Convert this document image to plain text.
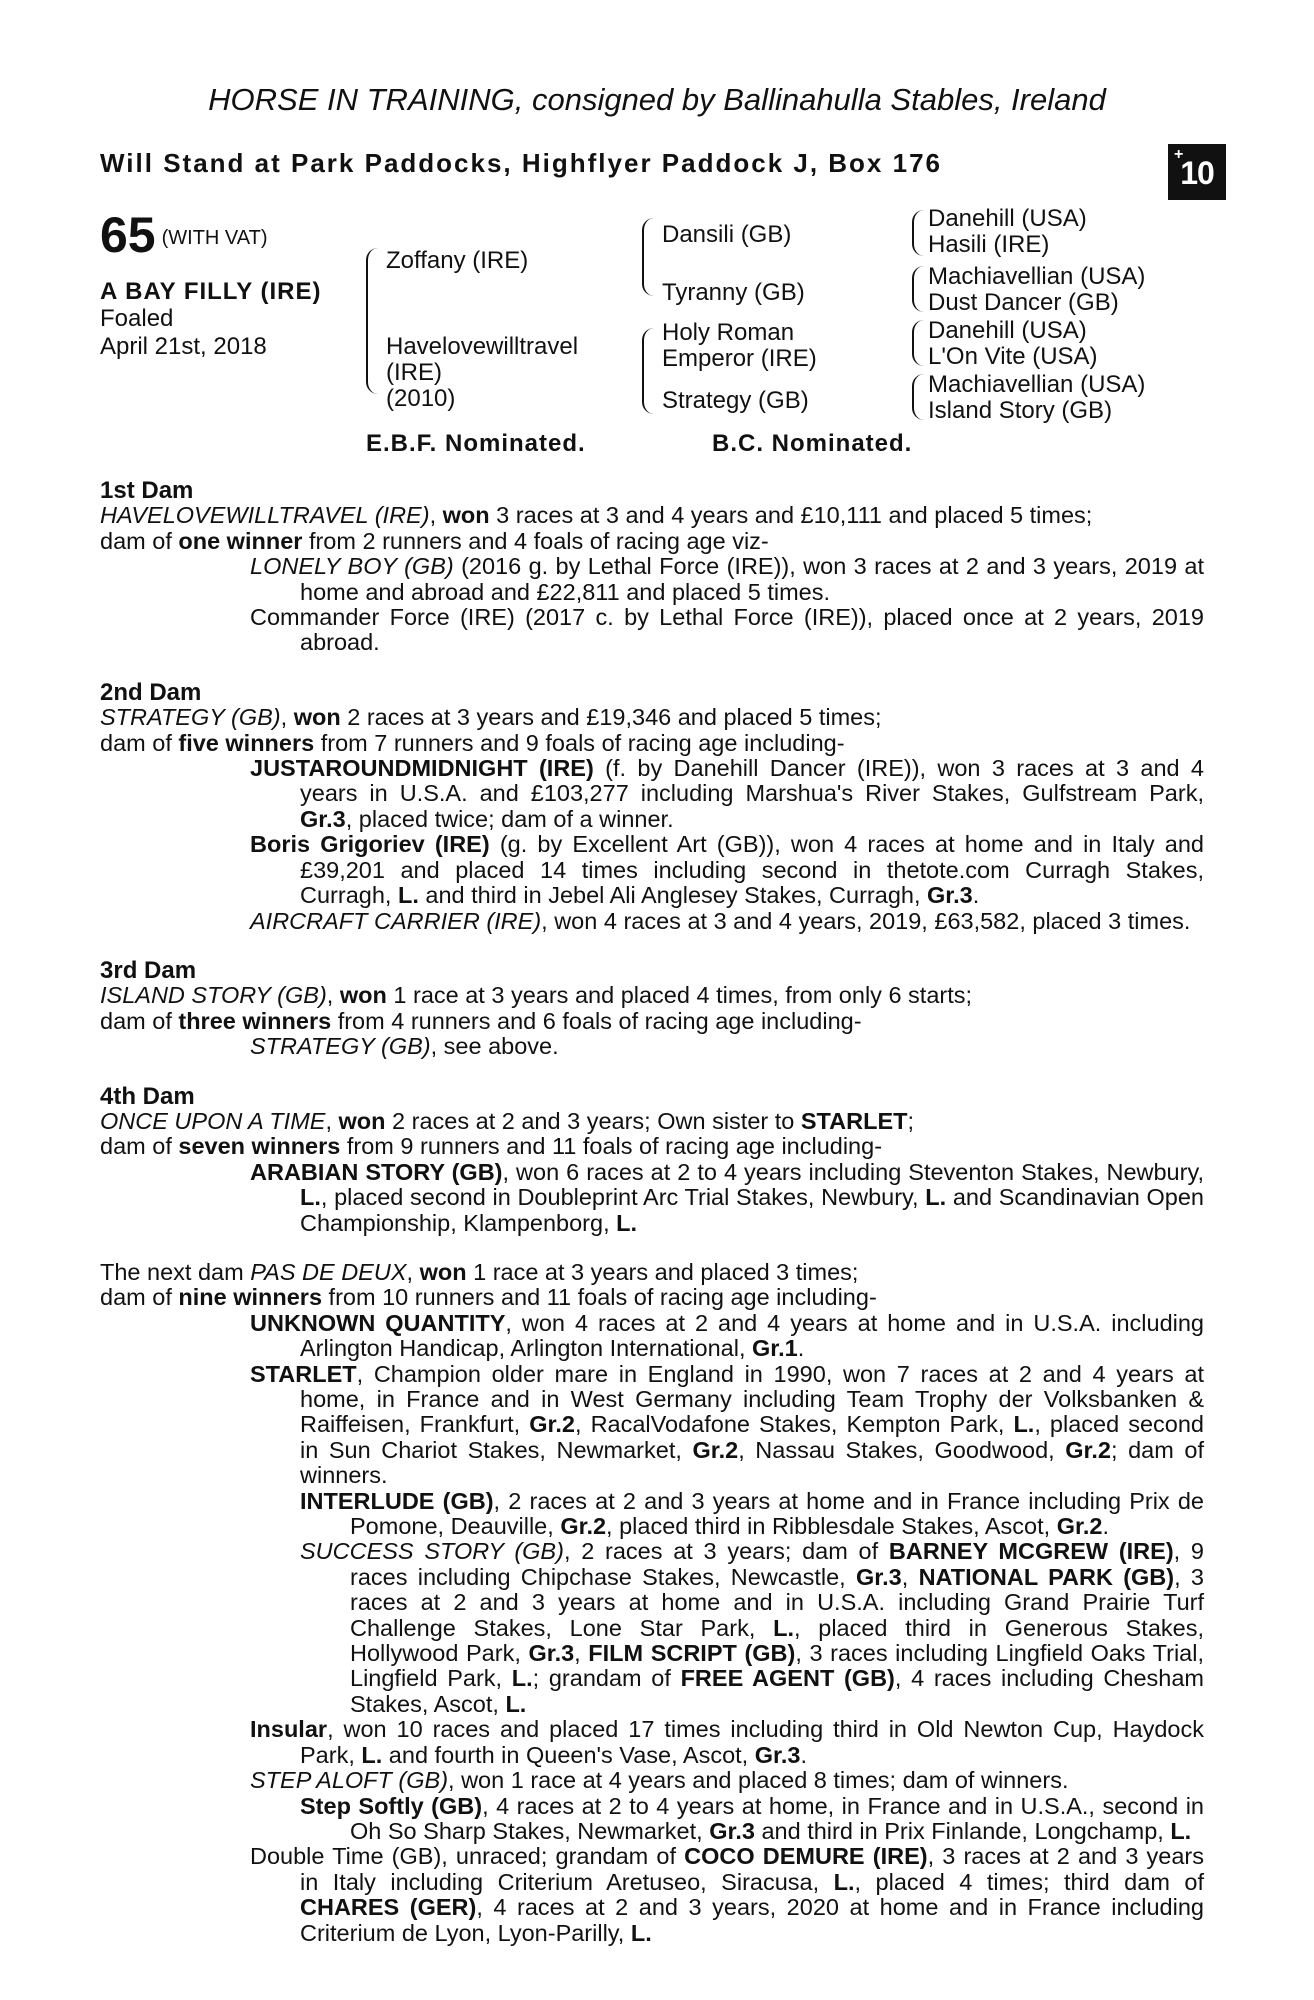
HORSE IN TRAINING, consigned by Ballinahulla Stables, Ireland
Will Stand at Park Paddocks, Highflyer Paddock J, Box 176	+
10
65 (WITH VAT)
A BAY FILLY (IRE)
Foaled
April 21st, 2018
Zoffany (IRE)
Havelovewilltravel
(IRE)
(2010)
Dansili (GB)
Tyranny (GB)
Holy Roman
Emperor (IRE)
Strategy (GB)
Danehill (USA)
Hasili (IRE)
Machiavellian (USA)
Dust Dancer (GB)
Danehill (USA)
L'On Vite (USA)
Machiavellian (USA)
Island Story (GB)
E.B.F. Nominated.	B.C. Nominated.

1st Dam

HAVELOVEWILLTRAVEL (IRE), won 3 races at 3 and 4 years and £10,111 and placed 5 times;

dam of one winner from 2 runners and 4 foals of racing age viz-

LONELY BOY (GB) (2016 g. by Lethal Force (IRE)), won 3 races at 2 and 3 years, 2019 at home and abroad and £22,811 and placed 5 times.

Commander Force (IRE) (2017 c. by Lethal Force (IRE)), placed once at 2 years, 2019 abroad.

2nd Dam

STRATEGY (GB), won 2 races at 3 years and £19,346 and placed 5 times;

dam of five winners from 7 runners and 9 foals of racing age including-

JUSTAROUNDMIDNIGHT (IRE) (f. by Danehill Dancer (IRE)), won 3 races at 3 and 4 years in U.S.A. and £103,277 including Marshua's River Stakes, Gulfstream Park, Gr.3, placed twice; dam of a winner.

Boris Grigoriev (IRE) (g. by Excellent Art (GB)), won 4 races at home and in Italy and £39,201 and placed 14 times including second in thetote.com Curragh Stakes, Curragh, L. and third in Jebel Ali Anglesey Stakes, Curragh, Gr.3.

AIRCRAFT CARRIER (IRE), won 4 races at 3 and 4 years, 2019, £63,582, placed 3 times.

3rd Dam

ISLAND STORY (GB), won 1 race at 3 years and placed 4 times, from only 6 starts;

dam of three winners from 4 runners and 6 foals of racing age including-

STRATEGY (GB), see above.

4th Dam

ONCE UPON A TIME, won 2 races at 2 and 3 years; Own sister to STARLET;

dam of seven winners from 9 runners and 11 foals of racing age including-

ARABIAN STORY (GB), won 6 races at 2 to 4 years including Steventon Stakes, Newbury, L., placed second in Doubleprint Arc Trial Stakes, Newbury, L. and Scandinavian Open Championship, Klampenborg, L.

The next dam PAS DE DEUX, won 1 race at 3 years and placed 3 times;

dam of nine winners from 10 runners and 11 foals of racing age including-

UNKNOWN QUANTITY, won 4 races at 2 and 4 years at home and in U.S.A. including Arlington Handicap, Arlington International, Gr.1.

STARLET, Champion older mare in England in 1990, won 7 races at 2 and 4 years at home, in France and in West Germany including Team Trophy der Volksbanken & Raiffeisen, Frankfurt, Gr.2, RacalVodafone Stakes, Kempton Park, L., placed second in Sun Chariot Stakes, Newmarket, Gr.2, Nassau Stakes, Goodwood, Gr.2; dam of winners.

INTERLUDE (GB), 2 races at 2 and 3 years at home and in France including Prix de Pomone, Deauville, Gr.2, placed third in Ribblesdale Stakes, Ascot, Gr.2.

SUCCESS STORY (GB), 2 races at 3 years; dam of BARNEY MCGREW (IRE), 9 races including Chipchase Stakes, Newcastle, Gr.3, NATIONAL PARK (GB), 3 races at 2 and 3 years at home and in U.S.A. including Grand Prairie Turf Challenge Stakes, Lone Star Park, L., placed third in Generous Stakes, Hollywood Park, Gr.3, FILM SCRIPT (GB), 3 races including Lingfield Oaks Trial, Lingfield Park, L.; grandam of FREE AGENT (GB), 4 races including Chesham Stakes, Ascot, L.

Insular, won 10 races and placed 17 times including third in Old Newton Cup, Haydock Park, L. and fourth in Queen's Vase, Ascot, Gr.3.

STEP ALOFT (GB), won 1 race at 4 years and placed 8 times; dam of winners.

Step Softly (GB), 4 races at 2 to 4 years at home, in France and in U.S.A., second in Oh So Sharp Stakes, Newmarket, Gr.3 and third in Prix Finlande, Longchamp, L.

Double Time (GB), unraced; grandam of COCO DEMURE (IRE), 3 races at 2 and 3 years in Italy including Criterium Aretuseo, Siracusa, L., placed 4 times; third dam of CHARES (GER), 4 races at 2 and 3 years, 2020 at home and in France including Criterium de Lyon, Lyon-Parilly, L.
